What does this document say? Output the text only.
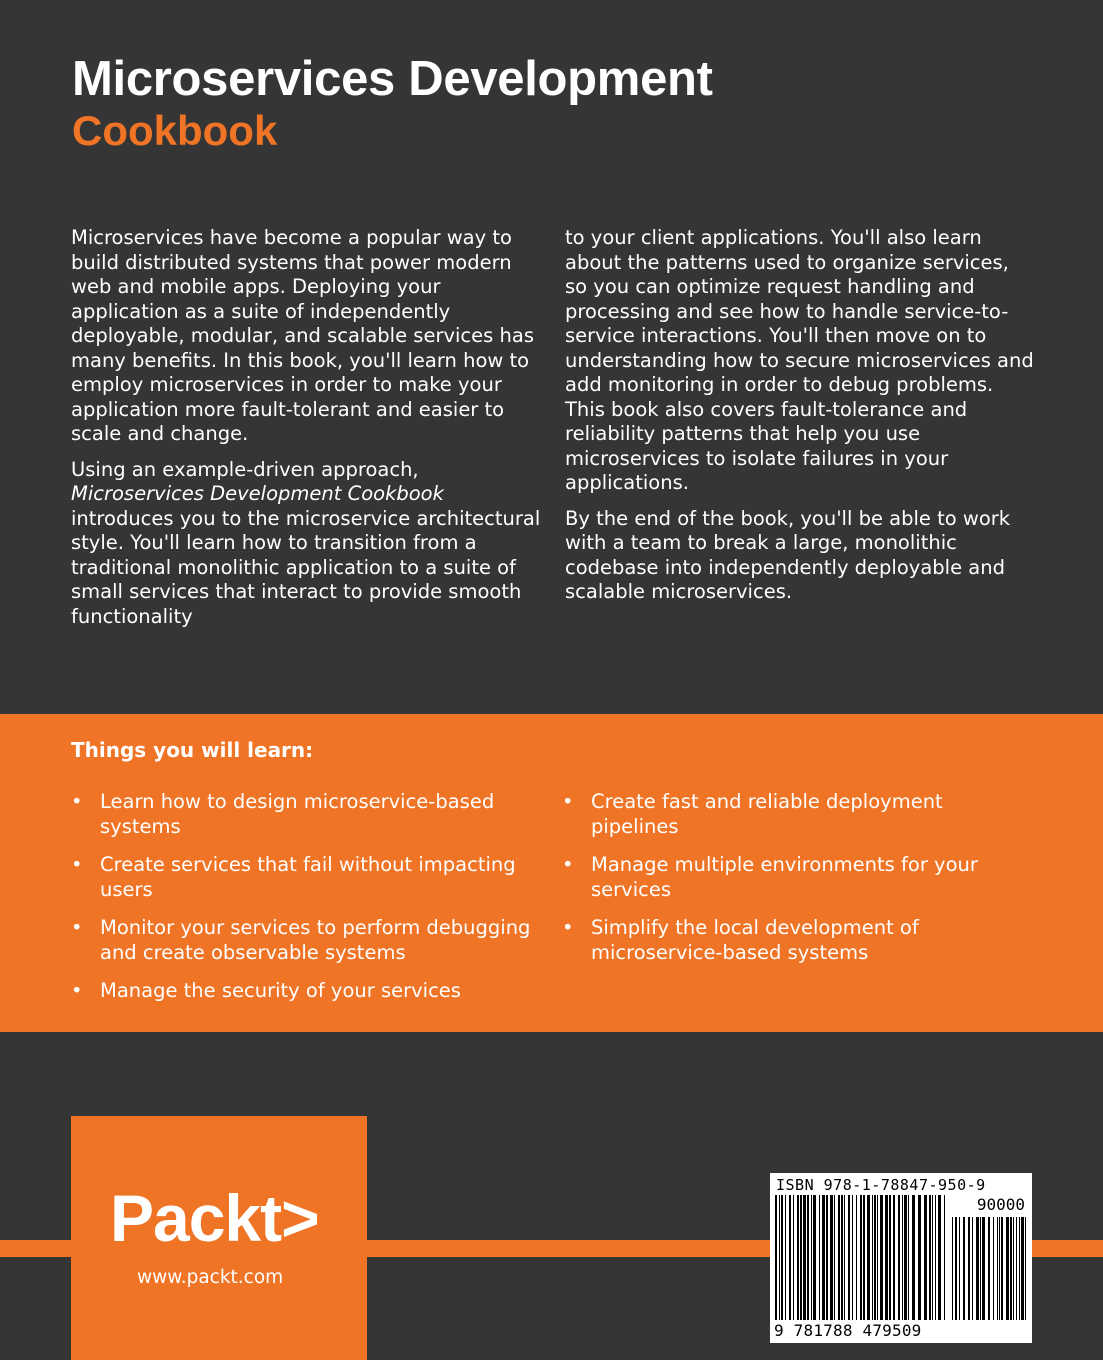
Microservices Development
Cookbook

Microservices have become a popular way to build distributed systems that power modern web and mobile apps. Deploying your application as a suite of independently deployable, modular, and scalable services has many benefits. In this book, you'll learn how to employ microservices in order to make your application more fault-tolerant and easier to scale and change.

Using an example-driven approach, Microservices Development Cookbook introduces you to the microservice architectural style. You'll learn how to transition from a traditional monolithic application to a suite of small services that interact to provide smooth functionality

to your client applications. You'll also learn about the patterns used to organize services, so you can optimize request handling and processing and see how to handle service-to-service interactions. You'll then move on to understanding how to secure microservices and add monitoring in order to debug problems. This book also covers fault-tolerance and reliability patterns that help you use microservices to isolate failures in your applications.

By the end of the book, you'll be able to work with a team to break a large, monolithic codebase into independently deployable and scalable microservices.

Things you will learn:
• Learn how to design microservice-based systems
• Create services that fail without impacting users
• Monitor your services to perform debugging and create observable systems
• Manage the security of your services
• Create fast and reliable deployment pipelines
• Manage multiple environments for your services
• Simplify the local development of microservice-based systems
Packt>
www.packt.com
ISBN 978-1-78847-950-9
90000
9 781788 479509
